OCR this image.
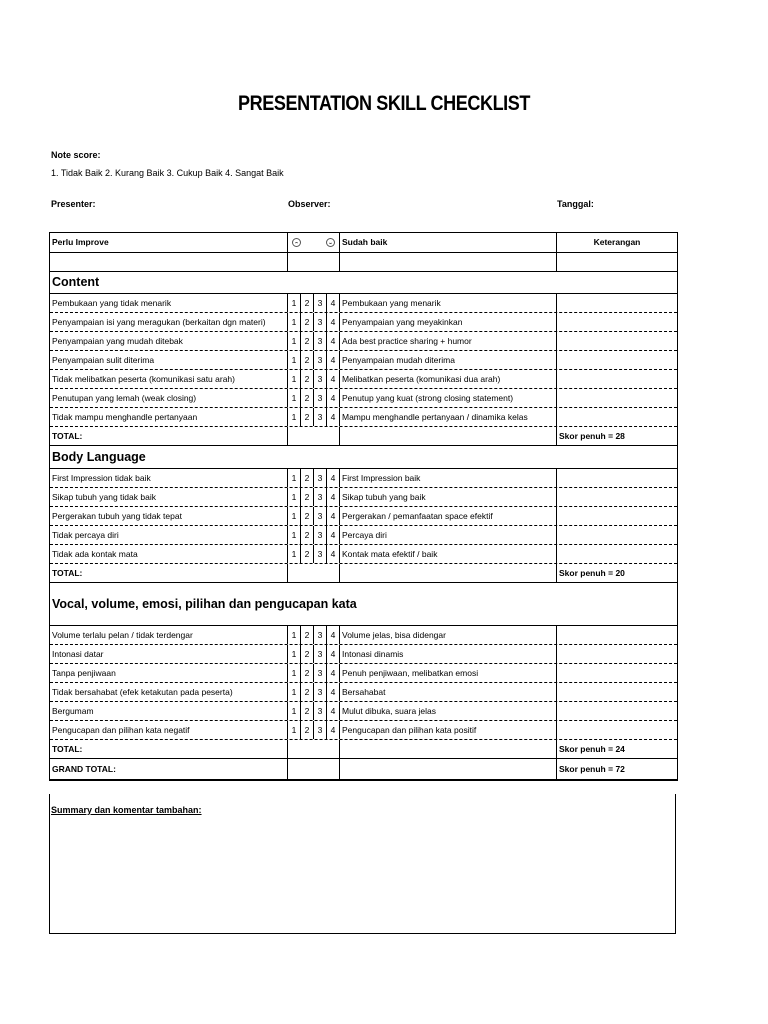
PRESENTATION SKILL CHECKLIST
Note score:
1. Tidak Baik 2. Kurang Baik 3. Cukup Baik 4. Sangat Baik
Presenter:	Observer:	Tanggal:
Perlu Improve	Sudah baik	Keterangan
Content
Pembukaan yang tidak menarik	1 2 3 4 Pembukaan yang menarik
Penyampaian isi yang meragukan (berkaitan dgn materi)	1 2 3 4 Penyampaian yang meyakinkan
Penyampaian yang mudah ditebak	1 2 3 4 Ada best practice sharing + humor
Penyampaian sulit diterima	1 2 3 4 Penyampaian mudah diterima
Tidak melibatkan peserta (komunikasi satu arah)	1 2 3 4 Melibatkan peserta (komunikasi dua arah)
Penutupan yang lemah (weak closing)	1 2 3 4 Penutup yang kuat (strong closing statement)
Tidak mampu menghandle pertanyaan	1 2 3 4 Mampu menghandle pertanyaan / dinamika kelas
TOTAL:	Skor penuh = 28
Body Language
First Impression tidak baik	1 2 3 4 First Impression baik
Sikap tubuh yang tidak baik	1 2 3 4 Sikap tubuh yang baik
Pergerakan tubuh yang tidak tepat	1 2 3 4 Pergerakan / pemanfaatan space efektif
Tidak percaya diri	1 2 3 4 Percaya diri
Tidak ada kontak mata	1 2 3 4 Kontak mata efektif / baik
TOTAL:	Skor penuh = 20
Vocal, volume, emosi, pilihan dan pengucapan kata
Volume terlalu pelan / tidak terdengar	1 2 3 4 Volume jelas, bisa didengar
Intonasi datar	1 2 3 4 Intonasi dinamis
Tanpa penjiwaan	1 2 3 4 Penuh penjiwaan, melibatkan emosi
Tidak bersahabat (efek ketakutan pada peserta)	1 2 3 4 Bersahabat
Bergumam	1 2 3 4 Mulut dibuka, suara jelas
Pengucapan dan pilihan kata negatif	1 2 3 4 Pengucapan dan pilihan kata positif
TOTAL:	Skor penuh = 24
GRAND TOTAL:	Skor penuh = 72
Summary dan komentar tambahan:
